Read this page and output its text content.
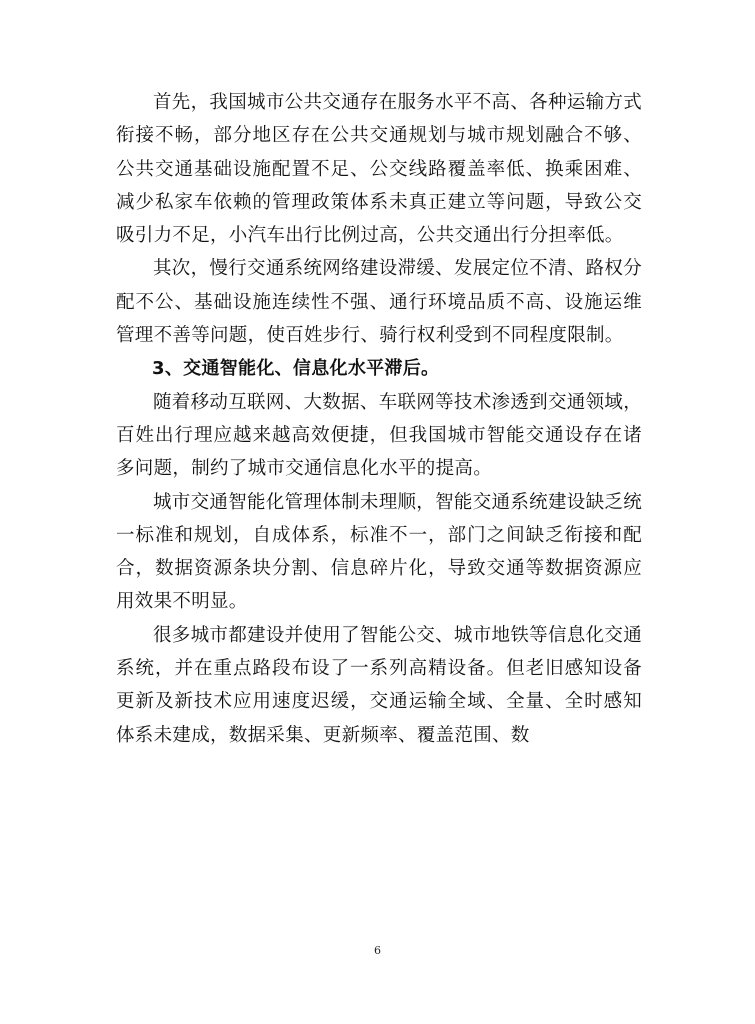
首先，我国城市公共交通存在服务水平不高、各种运输方式衔接不畅，部分地区存在公共交通规划与城市规划融合不够、公共交通基础设施配置不足、公交线路覆盖率低、换乘困难、减少私家车依赖的管理政策体系未真正建立等问题，导致公交吸引力不足，小汽车出行比例过高，公共交通出行分担率低。

其次，慢行交通系统网络建设滞缓、发展定位不清、路权分配不公、基础设施连续性不强、通行环境品质不高、设施运维管理不善等问题，使百姓步行、骑行权利受到不同程度限制。

3、交通智能化、信息化水平滞后。

随着移动互联网、大数据、车联网等技术渗透到交通领域，百姓出行理应越来越高效便捷，但我国城市智能交通设存在诸多问题，制约了城市交通信息化水平的提高。

城市交通智能化管理体制未理顺，智能交通系统建设缺乏统一标准和规划，自成体系，标准不一，部门之间缺乏衔接和配合，数据资源条块分割、信息碎片化，导致交通等数据资源应用效果不明显。

很多城市都建设并使用了智能公交、城市地铁等信息化交通系统，并在重点路段布设了一系列高精设备。但老旧感知设备更新及新技术应用速度迟缓，交通运输全域、全量、全时感知体系未建成，数据采集、更新频率、覆盖范围、数

6
